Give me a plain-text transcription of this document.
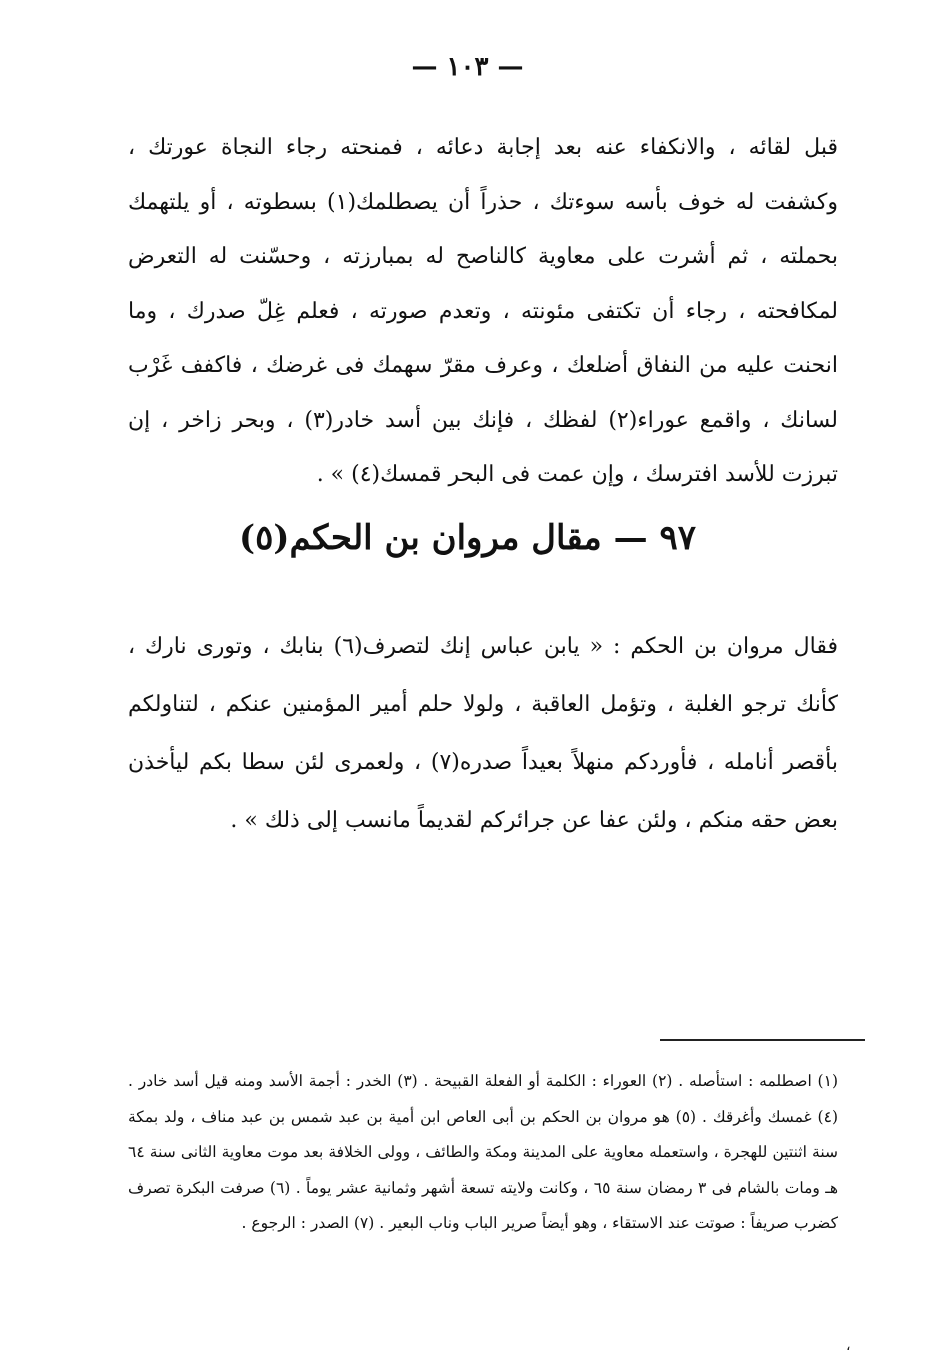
— ١٠٣ —

قبل لقائه ، والانكفاء عنه بعد إجابة دعائه ، فمنحته رجاء النجاة عورتك ، وكشفت له خوف بأسه سوءتك ، حذراً أن يصطلمك(١) بسطوته ، أو يلتهمك بحملته ، ثم أشرت على معاوية كالناصح له بمبارزته ، وحسّنت له التعرض لمكافحته ، رجاء أن تكتفى مئونته ، وتعدم صورته ، فعلم غِلّ صدرك ، وما انحنت عليه من النفاق أضلعك ، وعرف مقرّ سهمك فى غرضك ، فاكفف غَرْب لسانك ، واقمع عوراء(٢) لفظك ، فإنك بين أسد خادر(٣) ، وبحر زاخر ، إن تبرزت للأسد افترسك ، وإن عمت فى البحر قمسك(٤) » .

٩٧ — مقال مروان بن الحكم(٥)

فقال مروان بن الحكم : « يابن عباس إنك لتصرف(٦) بنابك ، وتورى نارك ، كأنك ترجو الغلبة ، وتؤمل العاقبة ، ولولا حلم أمير المؤمنين عنكم ، لتناولكم بأقصر أنامله ، فأوردكم منهلاً بعيداً صدره(٧) ، ولعمرى لئن سطا بكم ليأخذن بعض حقه منكم ، ولئن عفا عن جرائركم لقديماً مانسب إلى ذلك » .

(١) اصطلمه : استأصله . (٢) العوراء : الكلمة أو الفعلة القبيحة . (٣) الخدر : أجمة الأسد ومنه قيل أسد خادر . (٤) غمسك وأغرقك . (٥) هو مروان بن الحكم بن أبى العاص ابن أمية بن عبد شمس بن عبد مناف ، ولد بمكة سنة اثنتين للهجرة ، واستعمله معاوية على المدينة ومكة والطائف ، وولى الخلافة بعد موت معاوية الثانى سنة ٦٤ هـ ومات بالشام فى ٣ رمضان سنة ٦٥ ، وكانت ولايته تسعة أشهر وثمانية عشر يوماً . (٦) صرفت البكرة تصرف كضرب صريفاً : صوتت عند الاستقاء ، وهو أيضاً صرير الباب وناب البعير . (٧) الصدر : الرجوع .

،
